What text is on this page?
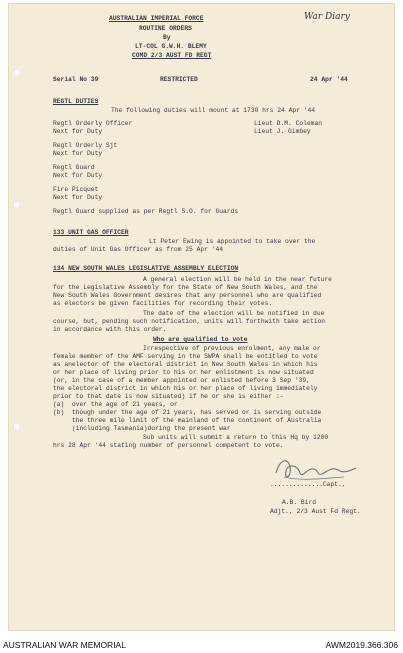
War Diary
AUSTRALIAN IMPERIAL FORCE
ROUTINE ORDERS
By
LT-COL G.W.H. BLEMY
COMD 2/3 AUST FD REGT
Serial No 39	RESTRICTED	24 Apr '44
REGTL DUTIES
The following duties will mount at 1730 hrs 24 Apr '44
Regtl Orderly Officer	Lieut D.M. Coleman
Next for Duty	Lieut J. Gimbey
Regtl Orderly Sjt
Next for Duty
Regtl Guard
Next for Duty
Fire Picquet
Next for Duty
Regtl Guard supplied as per Regtl S.O. for Guards
133 UNIT GAS OFFICER
Lt Peter Ewing is appointed to take over the
duties of Unit Gas Officer as from 25 Apr '44
134 NEW SOUTH WALES LEGISLATIVE ASSEMBLY ELECTION
A general election will be held in the near future
for the Legislative Assembly for the State of New South Wales, and the
New South Wales Government desires that any personnel who are qualified
as electors be given facilities for recording their votes.
The date of the election will be notified in due
course, but, pending such notification, units will forthwith take action
in accordance with this order.
Who are qualified to vote
Irrespective of previous enrolment, any male or
female member of the AMF serving in the SWPA shall be entitled to vote
as anelector of the electoral district in New South Wales in which his
or her place of living prior to his or her enlistment is now situated
(or, in the case of a member appointed or enlisted before 3 Sep '39,
the electoral district in which his or her place of living immediately
prior to that date is now situated) if he or she is either :-
(a)  over the age of 21 years, or
(b)  though under the age of 21 years, has served or is serving outside
the three mile limit of the mainland of the continent of Australia
(including Tasmania)during the present war
Sub units will submit a return to this Hq by 1200
hrs 28 Apr '44 stating number of personnel competent to vote.
..............Capt.,
A.B. Bird
Adjt., 2/3 Aust Fd Regt.
AUSTRALIAN WAR MEMORIAL	AWM2019.366.306
